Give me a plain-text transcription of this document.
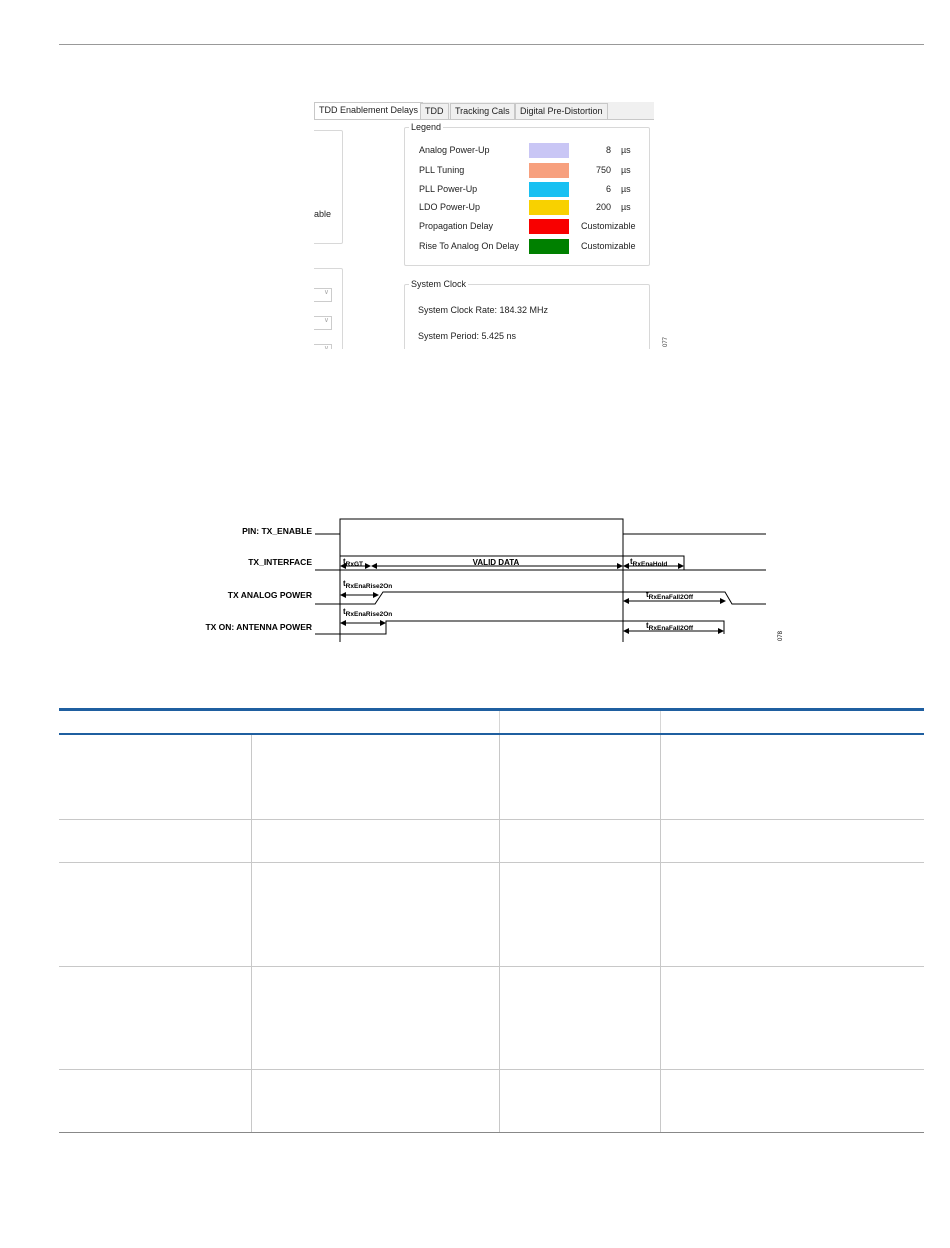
TDD Enablement Delays TDD	Tracking Cals	Digital Pre-Distortion
able
∨
∨
∨
Legend
Analog Power-Up	8 µs
PLL Tuning	750 µs
PLL Power-Up	6 µs
LDO Power-Up	200 µs
Propagation Delay	Customizable
Rise To Analog On Delay	Customizable
System Clock
System Clock Rate: 184.32 MHz
System Period: 5.425 ns
077
PIN: TX_ENABLE
TX_INTERFACE
TX ANALOG POWER
TX ON: ANTENNA POWER
VALID DATA
$t_{RxGT}$	$t_{RxEnaHold}$
$t_{RxEnaRise2On}$
$t_{RxEnaFall2Off}$
$t_{RxEnaRise2On}$
$t_{RxEnaFall2Off}$
078
